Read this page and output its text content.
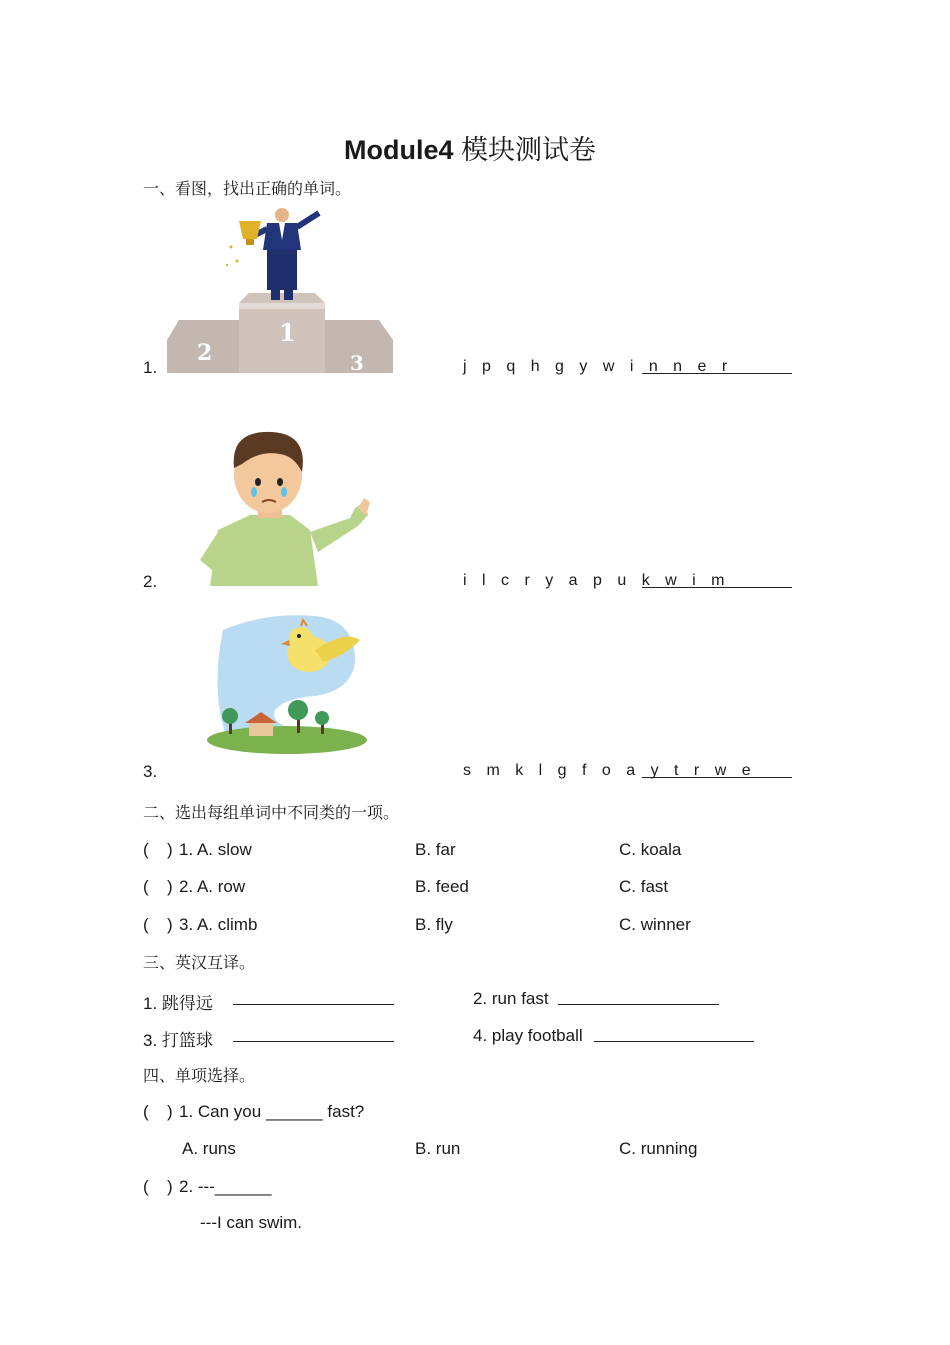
Module4 模块测试卷
一、看图，找出正确的单词。
1
2	3
1.	j p q h g y w i n n e r
2.	i l c r y a p u k w i m
3.	s m k l g f o a y t r w e
二、选出每组单词中不同类的一项。
( ) 1. A. slow	B. far	C. koala
( ) 2. A. row	B. feed	C. fast
( ) 3. A. climb	B. fly	C. winner
三、英汉互译。
1. 跳得远	2. run fast
3. 打篮球	4. play football
四、单项选择。
( ) 1. Can you ______ fast?
A. runs	B. run	C. running
( ) 2. ---______
---I can swim.
